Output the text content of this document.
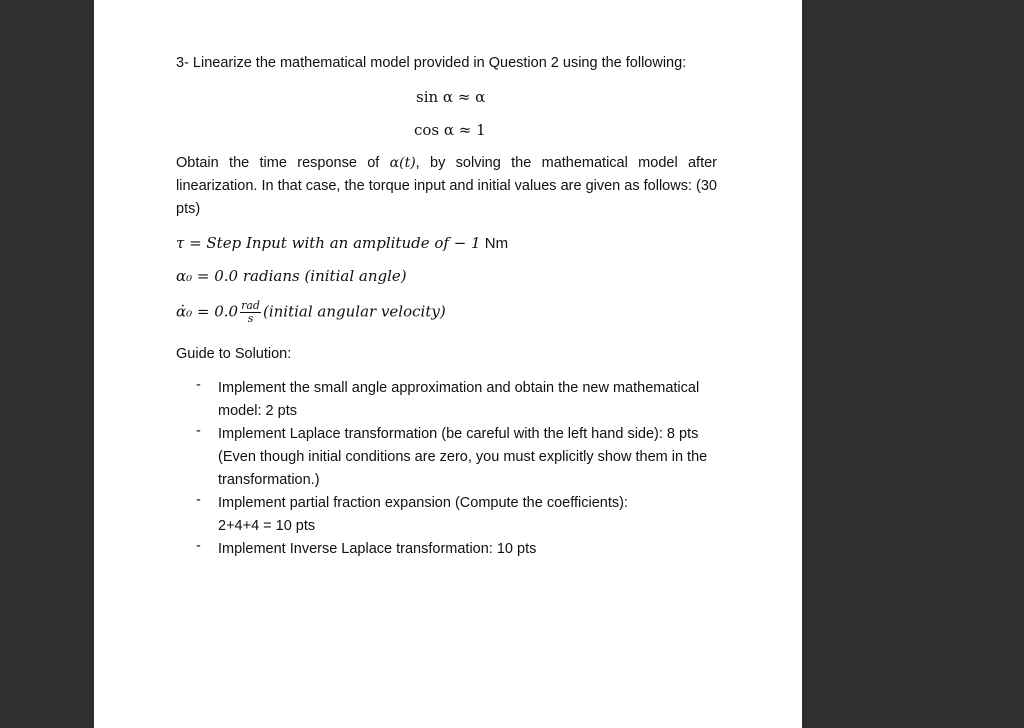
3- Linearize the mathematical model provided in Question 2 using the following:
sin α ≈ α
cos α ≈ 1
Obtain the time response of α(t), by solving the mathematical model after linearization. In that case, the torque input and initial values are given as follows: (30 pts)
τ = Step Input with an amplitude of − 1 Nm
α₀ = 0.0 radians (initial angle)
α̇₀ = $0.0 \frac{\text{rad}}{s}$ (initial angular velocity)
Guide to Solution:
- Implement the small angle approximation and obtain the new mathematical
model: 2 pts
- Implement Laplace transformation (be careful with the left hand side): 8 pts
(Even though initial conditions are zero, you must explicitly show them in the
transformation.)
- Implement partial fraction expansion (Compute the coefficients):
2+4+4 = 10 pts
- Implement Inverse Laplace transformation: 10 pts
